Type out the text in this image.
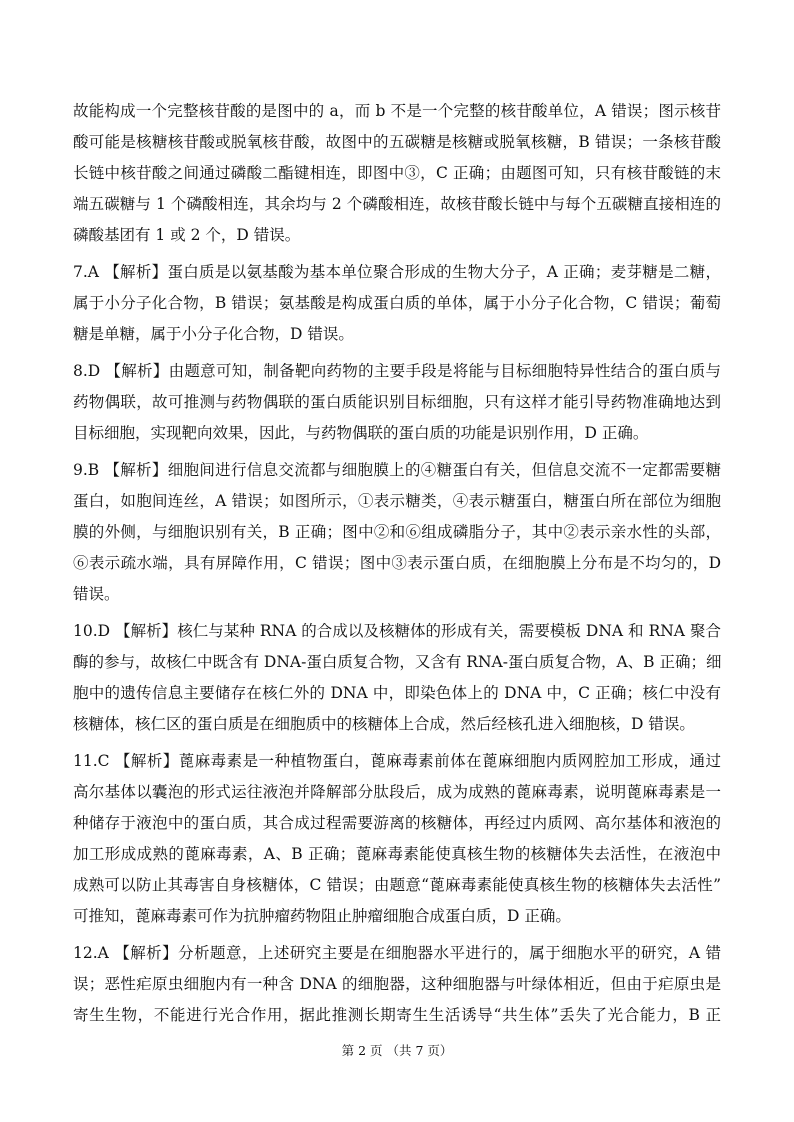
故能构成一个完整核苷酸的是图中的 a，而 b 不是一个完整的核苷酸单位，A 错误；图示核苷
酸可能是核糖核苷酸或脱氧核苷酸，故图中的五碳糖是核糖或脱氧核糖，B 错误；一条核苷酸
长链中核苷酸之间通过磷酸二酯键相连，即图中③，C 正确；由题图可知，只有核苷酸链的末
端五碳糖与 1 个磷酸相连，其余均与 2 个磷酸相连，故核苷酸长链中与每个五碳糖直接相连的
磷酸基团有 1 或 2 个，D 错误。
7.A 【解析】蛋白质是以氨基酸为基本单位聚合形成的生物大分子，A 正确；麦芽糖是二糖，
属于小分子化合物，B 错误；氨基酸是构成蛋白质的单体，属于小分子化合物，C 错误；葡萄
糖是单糖，属于小分子化合物，D 错误。
8.D 【解析】由题意可知，制备靶向药物的主要手段是将能与目标细胞特异性结合的蛋白质与
药物偶联，故可推测与药物偶联的蛋白质能识别目标细胞，只有这样才能引导药物准确地达到
目标细胞，实现靶向效果，因此，与药物偶联的蛋白质的功能是识别作用，D 正确。
9.B 【解析】细胞间进行信息交流都与细胞膜上的④糖蛋白有关，但信息交流不一定都需要糖
蛋白，如胞间连丝，A 错误；如图所示，①表示糖类，④表示糖蛋白，糖蛋白所在部位为细胞
膜的外侧，与细胞识别有关，B 正确；图中②和⑥组成磷脂分子，其中②表示亲水性的头部，
⑥表示疏水端，具有屏障作用，C 错误；图中③表示蛋白质，在细胞膜上分布是不均匀的，D
错误。
10.D 【解析】核仁与某种 RNA 的合成以及核糖体的形成有关，需要模板 DNA 和 RNA 聚合
酶的参与，故核仁中既含有 DNA-蛋白质复合物，又含有 RNA-蛋白质复合物，A、B 正确；细
胞中的遗传信息主要储存在核仁外的 DNA 中，即染色体上的 DNA 中，C 正确；核仁中没有
核糖体，核仁区的蛋白质是在细胞质中的核糖体上合成，然后经核孔进入细胞核，D 错误。
11.C 【解析】蓖麻毒素是一种植物蛋白，蓖麻毒素前体在蓖麻细胞内质网腔加工形成，通过
高尔基体以囊泡的形式运往液泡并降解部分肽段后，成为成熟的蓖麻毒素，说明蓖麻毒素是一
种储存于液泡中的蛋白质，其合成过程需要游离的核糖体，再经过内质网、高尔基体和液泡的
加工形成成熟的蓖麻毒素，A、B 正确；蓖麻毒素能使真核生物的核糖体失去活性，在液泡中
成熟可以防止其毒害自身核糖体，C 错误；由题意“蓖麻毒素能使真核生物的核糖体失去活性”
可推知，蓖麻毒素可作为抗肿瘤药物阻止肿瘤细胞合成蛋白质，D 正确。
12.A 【解析】分析题意，上述研究主要是在细胞器水平进行的，属于细胞水平的研究，A 错
误；恶性疟原虫细胞内有一种含 DNA 的细胞器，这种细胞器与叶绿体相近，但由于疟原虫是
寄生生物，不能进行光合作用，据此推测长期寄生生活诱导“共生体”丢失了光合能力，B 正
第 2 页 （共 7 页）
